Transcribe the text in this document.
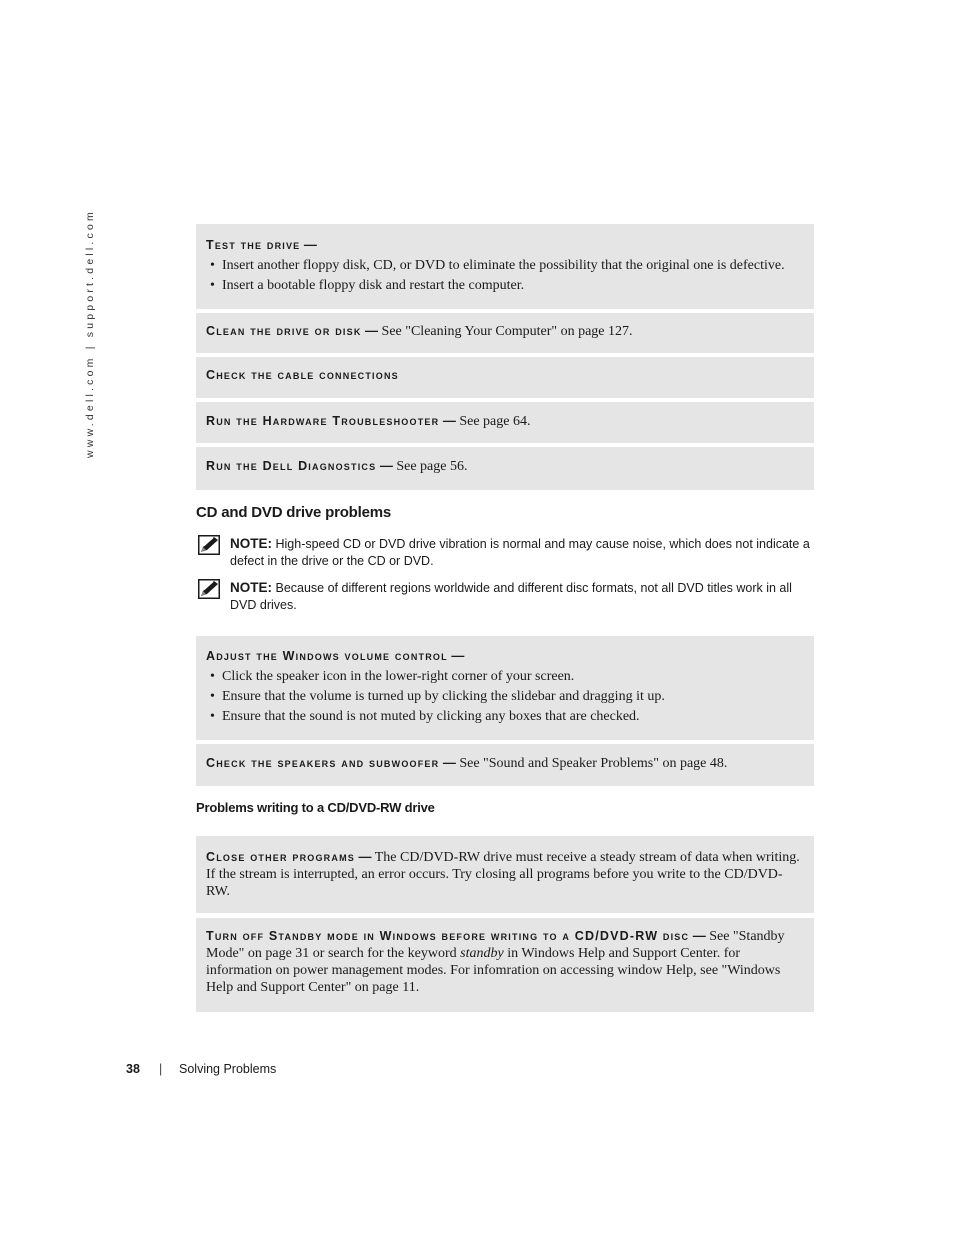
www.dell.com | support.dell.com	Test the drive —
• Insert another floppy disk, CD, or DVD to eliminate the possibility that the original one is defective.
• Insert a bootable floppy disk and restart the computer.
Clean the drive or disk — See "Cleaning Your Computer" on page 127.
Check the cable connections
Run the Hardware Troubleshooter — See page 64.
Run the Dell Diagnostics — See page 56.
CD and DVD drive problems
NOTE: High-speed CD or DVD drive vibration is normal and may cause noise, which does not indicate a defect in the drive or the CD or DVD.
NOTE: Because of different regions worldwide and different disc formats, not all DVD titles work in all DVD drives.
Adjust the Windows volume control —
• Click the speaker icon in the lower-right corner of your screen.
• Ensure that the volume is turned up by clicking the slidebar and dragging it up.
• Ensure that the sound is not muted by clicking any boxes that are checked.
Check the speakers and subwoofer — See "Sound and Speaker Problems" on page 48.
Problems writing to a CD/DVD-RW drive
Close other programs — The CD/DVD-RW drive must receive a steady stream of data when writing. If the stream is interrupted, an error occurs. Try closing all programs before you write to the CD/DVD-RW.
Turn off Standby mode in Windows before writing to a CD/DVD-RW disc — See "Standby Mode" on page 31 or search for the keyword standby in Windows Help and Support Center. for information on power management modes. For infomration on accessing window Help, see "Windows Help and Support Center" on page 11.
38 | Solving Problems
